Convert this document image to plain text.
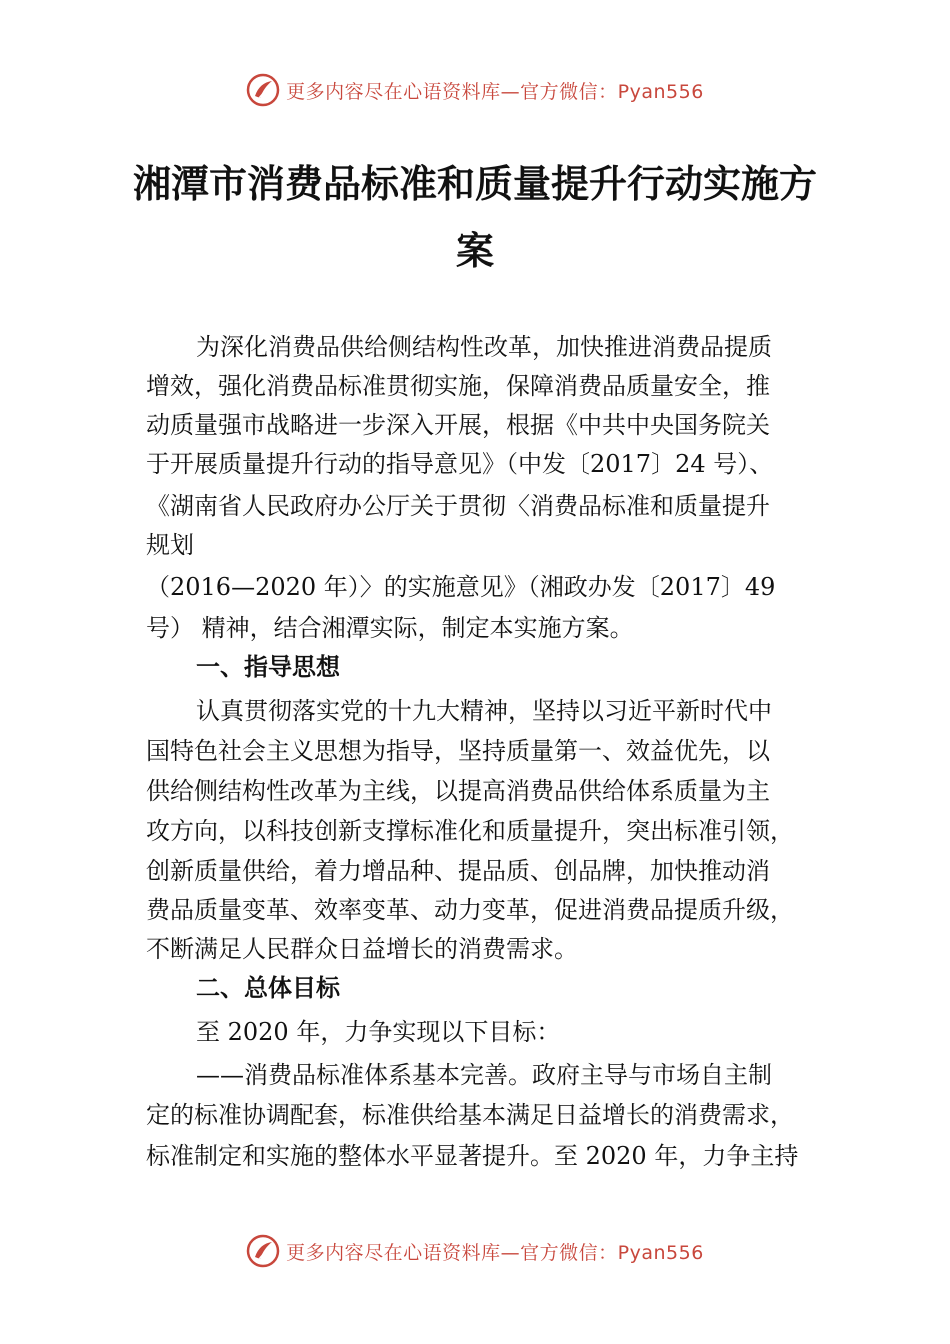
更多内容尽在心语资料库—官方微信：Pyan556
湘潭市消费品标准和质量提升行动实施方
案
为深化消费品供给侧结构性改革，加快推进消费品提质
增效，强化消费品标准贯彻实施，保障消费品质量安全，推
动质量强市战略进一步深入开展，根据《中共中央国务院关
于开展质量提升行动的指导意见》（中发〔2017〕24 号）、
《湖南省人民政府办公厅关于贯彻〈消费品标准和质量提升
规划
（2016—2020 年）〉的实施意见》（湘政办发〔2017〕49
号） 精神，结合湘潭实际，制定本实施方案。
一、指导思想
认真贯彻落实党的十九大精神，坚持以习近平新时代中
国特色社会主义思想为指导，坚持质量第一、效益优先，以
供给侧结构性改革为主线，以提高消费品供给体系质量为主
攻方向，以科技创新支撑标准化和质量提升，突出标准引领，
创新质量供给，着力增品种、提品质、创品牌，加快推动消
费品质量变革、效率变革、动力变革，促进消费品提质升级，
不断满足人民群众日益增长的消费需求。
二、总体目标
至 2020 年，力争实现以下目标：
——消费品标准体系基本完善。政府主导与市场自主制
定的标准协调配套，标准供给基本满足日益增长的消费需求，
标准制定和实施的整体水平显著提升。至 2020 年，力争主持
更多内容尽在心语资料库—官方微信：Pyan556
